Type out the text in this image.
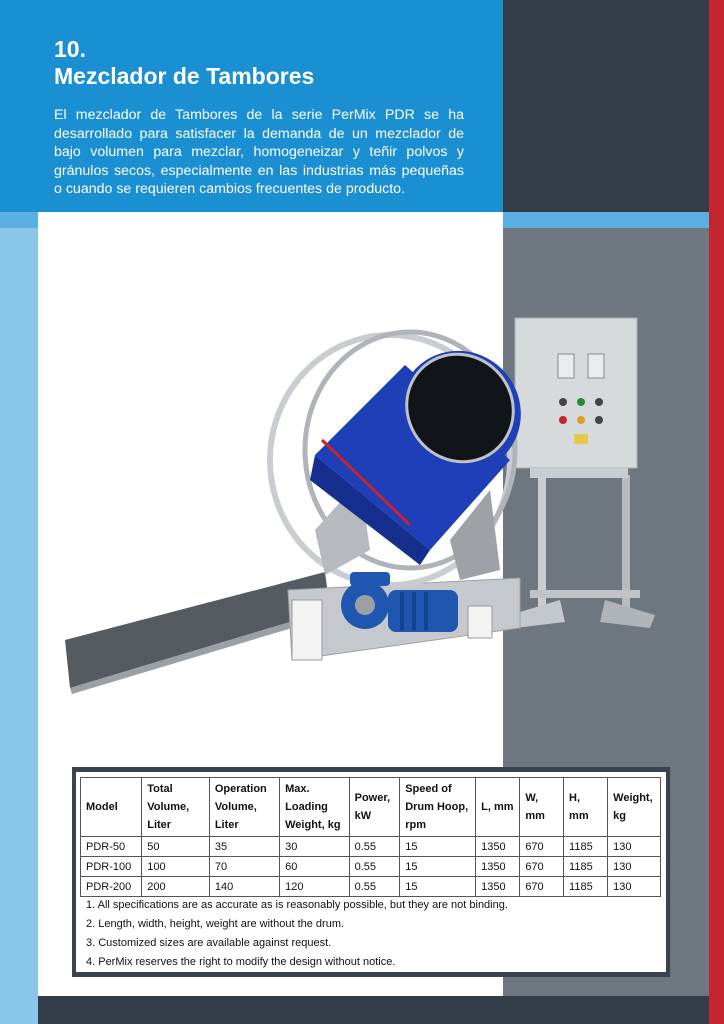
10.
Mezclador de Tambores
El mezclador de Tambores de la serie PerMix PDR se ha desarrollado para satisfacer la demanda de un mezclador de bajo volumen para mezclar, homogeneizar y teñir polvos y gránulos secos, especialmente en las industrias más pequeñas o cuando se requieren cambios frecuentes de producto.
Model	Total Volume, Liter	Operation Volume, Liter	Max. Loading Weight, kg	Power, kW	Speed of Drum Hoop, rpm	L, mm	W, mm	H, mm	Weight, kg
PDR-50	50	35	30	0.55	15	1350	670	1185	130
PDR-100	100	70	60	0.55	15	1350	670	1185	130
PDR-200	200	140	120	0.55	15	1350	670	1185	130
1. All specifications are as accurate as is reasonably possible, but they are not binding.
2. Length, width, height, weight are without the drum.
3. Customized sizes are available against request.
4. PerMix reserves the right to modify the design without notice.
